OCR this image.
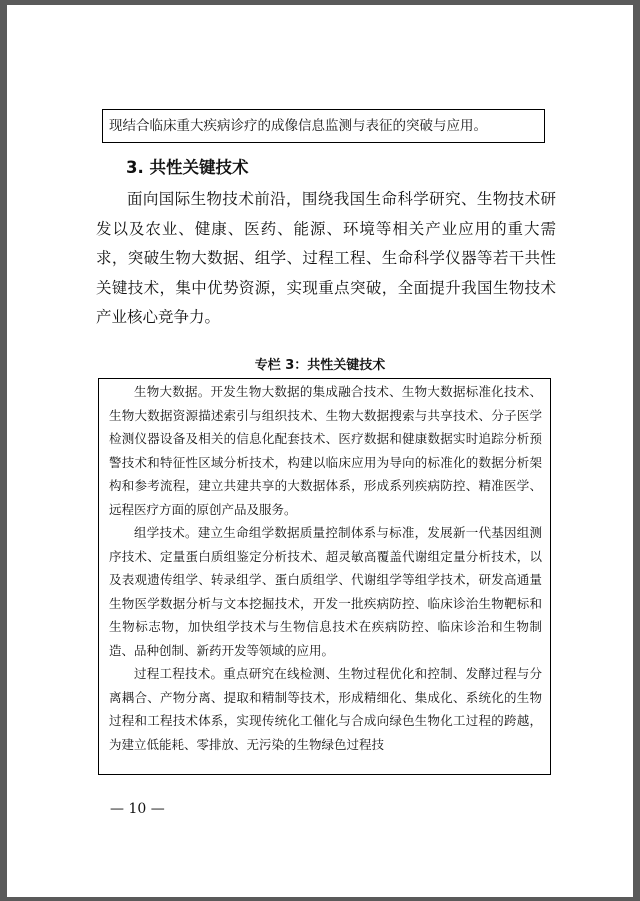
现结合临床重大疾病诊疗的成像信息监测与表征的突破与应用。

3. 共性关键技术

面向国际生物技术前沿，围绕我国生命科学研究、生物技术研发以及农业、健康、医药、能源、环境等相关产业应用的重大需求，突破生物大数据、组学、过程工程、生命科学仪器等若干共性关键技术，集中优势资源，实现重点突破，全面提升我国生物技术产业核心竞争力。

专栏 3：共性关键技术

生物大数据。开发生物大数据的集成融合技术、生物大数据标准化技术、生物大数据资源描述索引与组织技术、生物大数据搜索与共享技术、分子医学检测仪器设备及相关的信息化配套技术、医疗数据和健康数据实时追踪分析预警技术和特征性区域分析技术，构建以临床应用为导向的标准化的数据分析架构和参考流程，建立共建共享的大数据体系，形成系列疾病防控、精准医学、远程医疗方面的原创产品及服务。

组学技术。建立生命组学数据质量控制体系与标准，发展新一代基因组测序技术、定量蛋白质组鉴定分析技术、超灵敏高覆盖代谢组定量分析技术，以及表观遗传组学、转录组学、蛋白质组学、代谢组学等组学技术，研发高通量生物医学数据分析与文本挖掘技术，开发一批疾病防控、临床诊治生物靶标和生物标志物，加快组学技术与生物信息技术在疾病防控、临床诊治和生物制造、品种创制、新药开发等领域的应用。

过程工程技术。重点研究在线检测、生物过程优化和控制、发酵过程与分离耦合、产物分离、提取和精制等技术，形成精细化、集成化、系统化的生物过程和工程技术体系，实现传统化工催化与合成向绿色生物化工过程的跨越，为建立低能耗、零排放、无污染的生物绿色过程技

— 10 —
